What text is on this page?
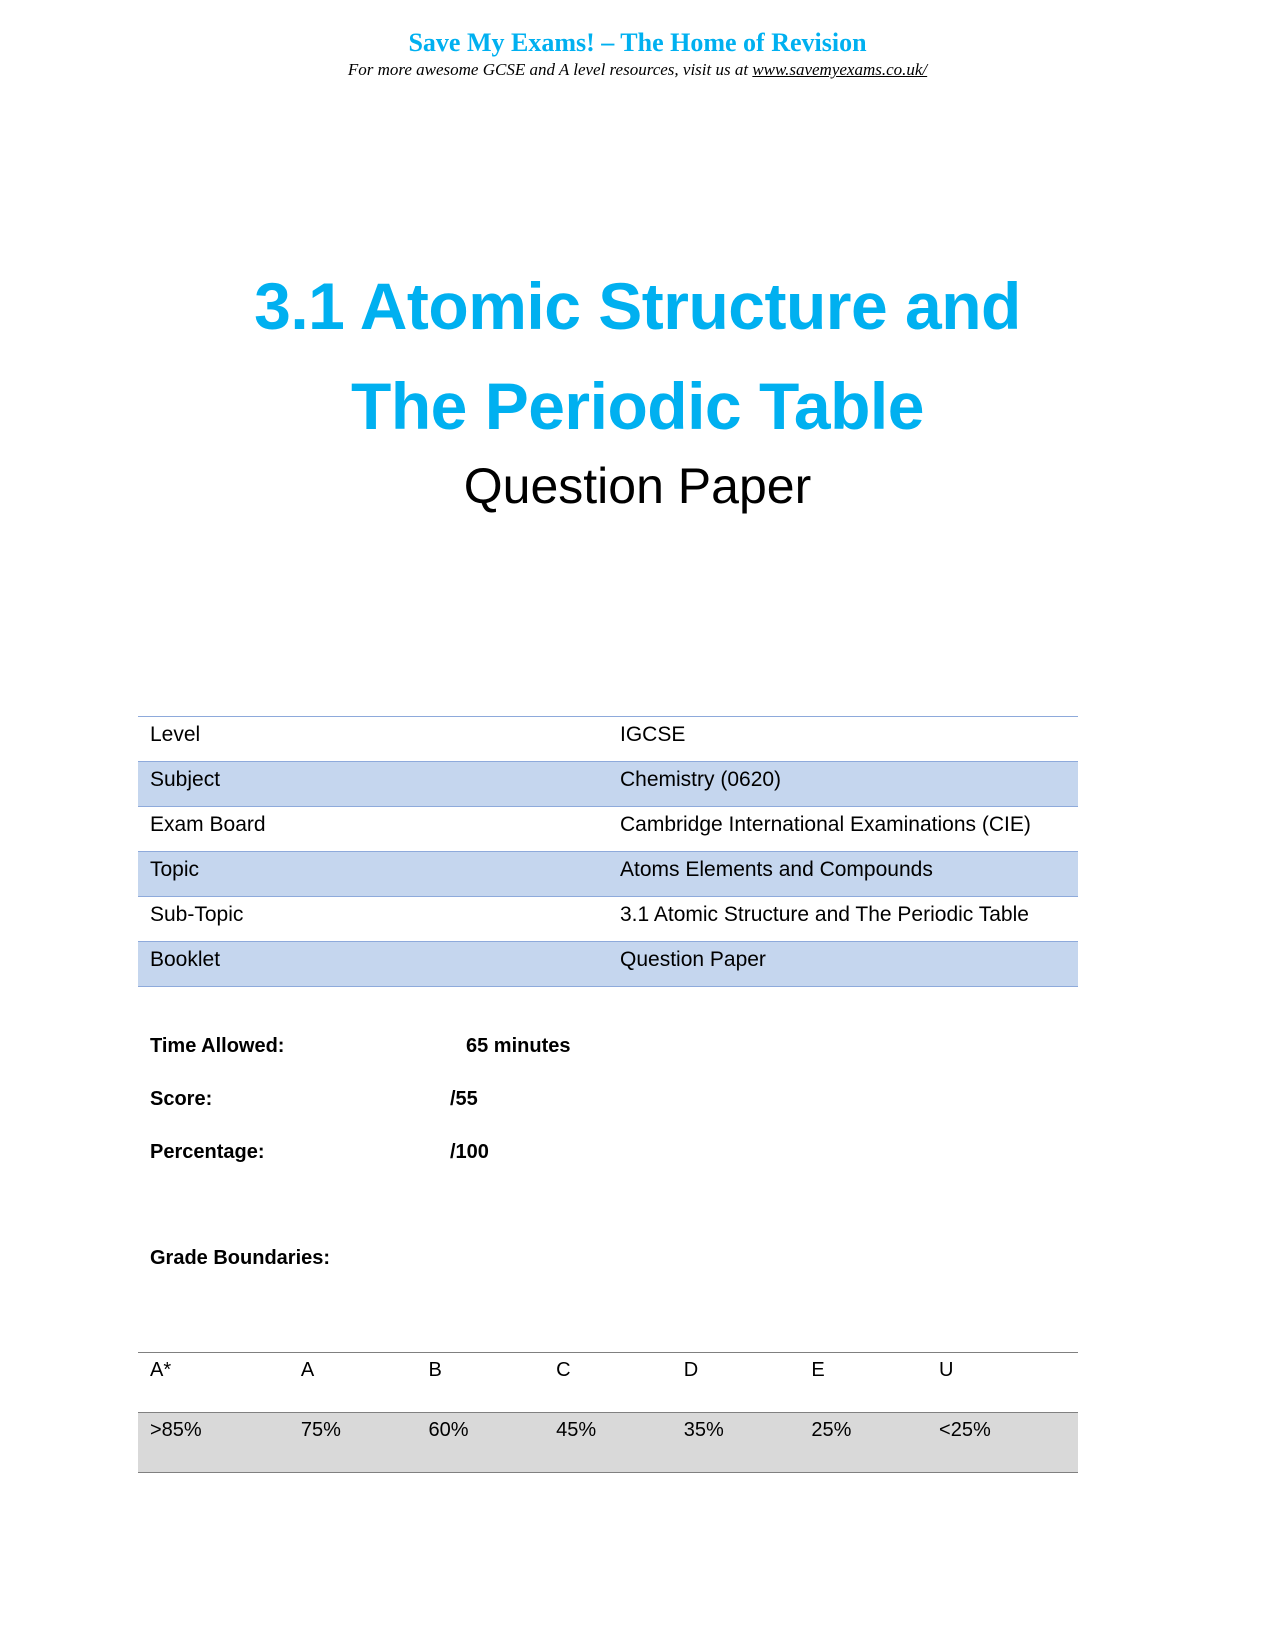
Save My Exams! – The Home of Revision
For more awesome GCSE and A level resources, visit us at www.savemyexams.co.uk/
3.1 Atomic Structure and
The Periodic Table
Question Paper
Level	IGCSE
Subject	Chemistry (0620)
Exam Board	Cambridge International Examinations (CIE)
Topic	Atoms Elements and Compounds
Sub-Topic	3.1 Atomic Structure and The Periodic Table
Booklet	Question Paper
Time Allowed:	65 minutes
Score:	/55
Percentage:	/100
Grade Boundaries:
A*	A	B	C	D	E	U
>85%	75%	60%	45%	35%	25%	<25%
